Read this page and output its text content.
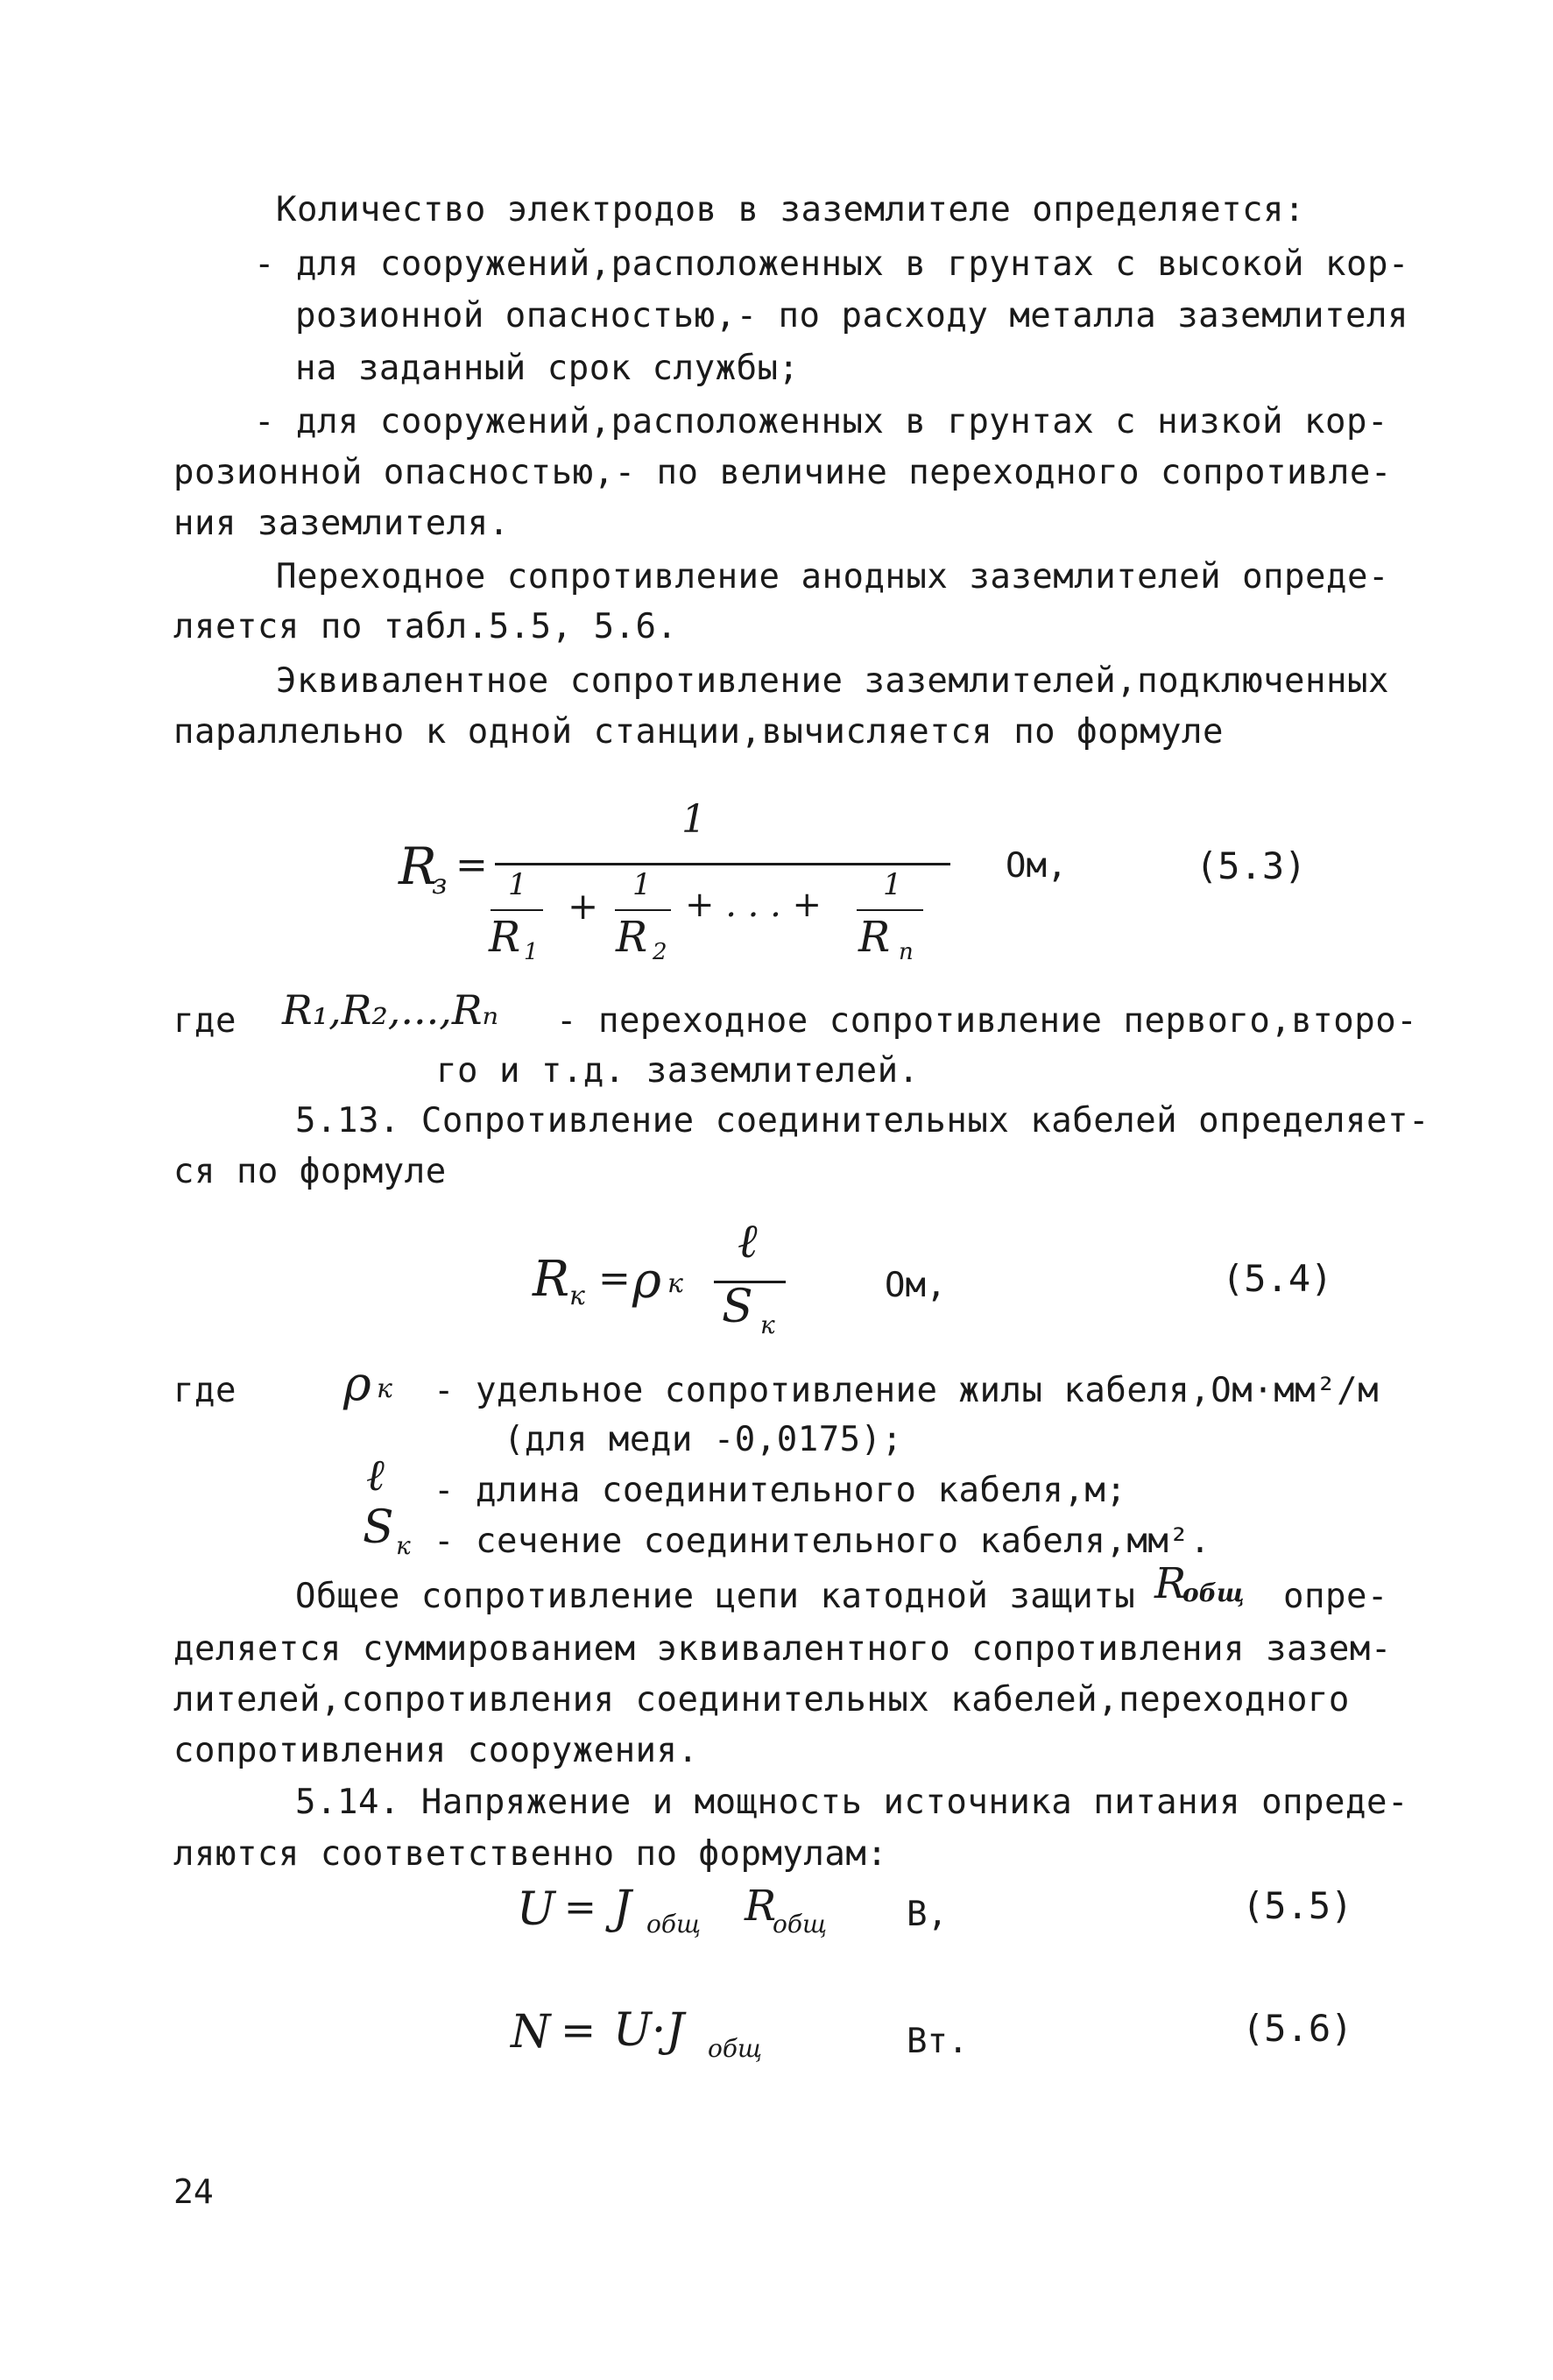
Количество электродов в заземлителе определяется:
- для сооружений,расположенных в грунтах с высокой кор-
розионной опасностью,- по расходу металла заземлителя
на заданный срок службы;
- для сооружений,расположенных в грунтах с низкой кор-
розионной опасностью,- по величине переходного сопротивле-
ния заземлителя.
Переходное сопротивление анодных заземлителей опреде-
ляется по табл.5.5, 5.6.
Эквивалентное сопротивление заземлителей,подключенных
параллельно к одной станции,вычисляется по формуле
R
з =
1
1
R 1
+ 1
R 2
+ . . . + 1
R n
Ом,	(5.3)
где R₁,R₂,...,Rₙ - переходное сопротивление первого,второ-
го и т.д. заземлителей.
5.13. Сопротивление соединительных кабелей определяет-
ся по формуле
R к = ρ к
ℓ
S к
Ом,	(5.4)
где ρ к - удельное сопротивление жилы кабеля,Ом·мм²/м
(для меди -0,0175);
ℓ - длина соединительного кабеля,м;
S к - сечение соединительного кабеля,мм².
Общее сопротивление цепи катодной защиты R
общ опре-
деляется суммированием эквивалентного сопротивления зазем-
лителей,сопротивления соединительных кабелей,переходного
сопротивления сооружения.
5.14. Напряжение и мощность источника питания опреде-
ляются соответственно по формулам:
U = J общ R
общ В,	(5.5)
N = U·J общ	Вт.	(5.6)
24
